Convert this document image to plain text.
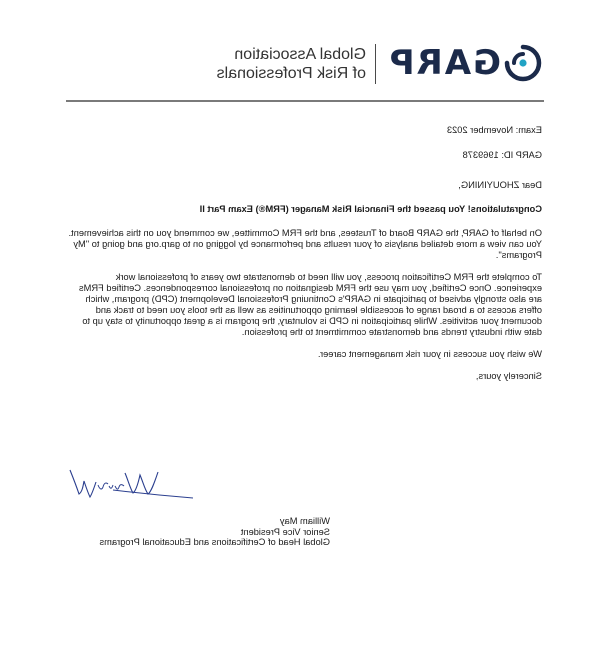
GARP
Global Association
of Risk Professionals
Exam: November 2023
GARP ID: 1969378
Dear ZHOUYINING,
Congratulations! You passed the Financial Risk Manager (FRM®) Exam Part II
On behalf of GARP, the GARP Board of Trustees, and the FRM Committee, we commend you on this achievement. You can view a more detailed analysis of your results and performance by logging on to garp.org and going to "My Programs".
To complete the FRM Certification process, you will need to demonstrate two years of professional work experience. Once Certified, you may use the FRM designation on professional correspondences. Certified FRMs are also strongly advised to participate in GARP's Continuing Professional Development (CPD) program, which offers access to a broad range of accessible learning opportunities as well as the tools you need to track and document your activities. While participation in CPD is voluntary, the program is a great opportunity to stay up to date with industry trends and demonstrate commitment to the profession.
We wish you success in your risk management career.
Sincerely yours,
William May
Senior Vice President
Global Head of Certifications and Educational Programs
